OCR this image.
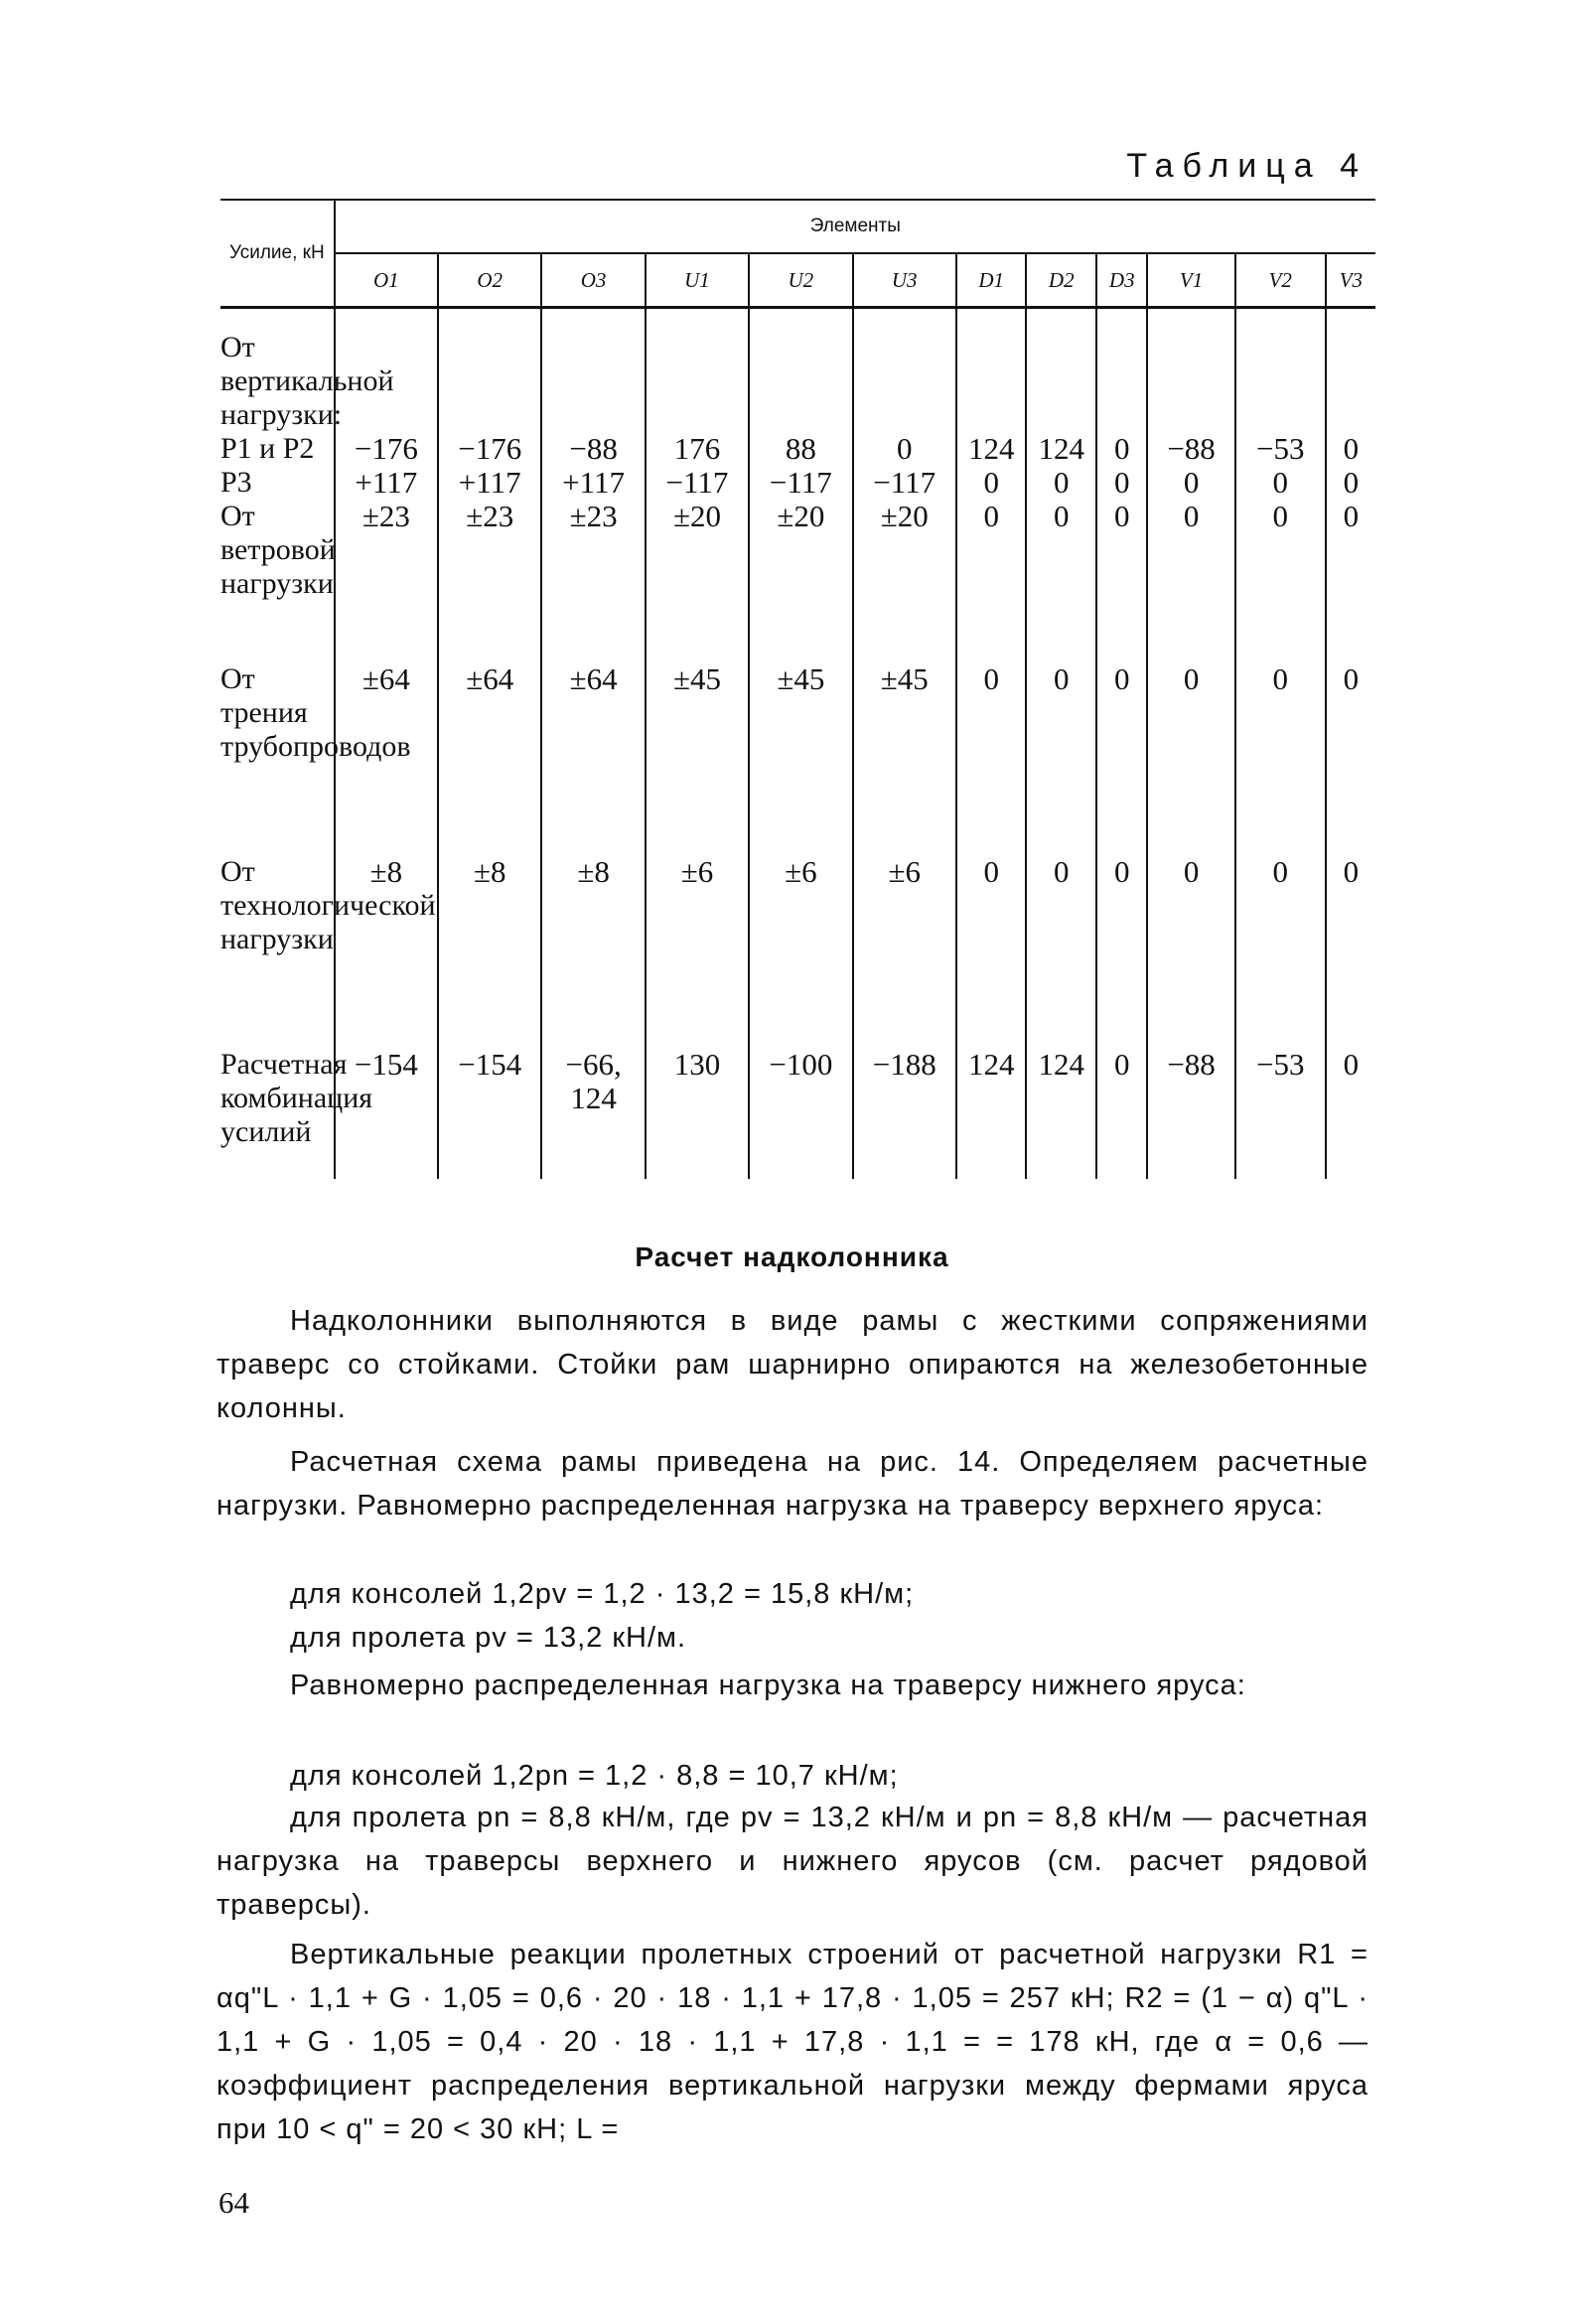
Таблица 4
Усилие, кН	Элементы											
	O1	O2	O3	U1	U2	U3	D1	D2	D3	V1	V2	V3
От вертикальной нагрузки:												
P1 и P2	−176	−176	−88	176	88	0	124	124	0	−88	−53	0
P3	+117	+117	+117	−117	−117	−117	0	0	0	0	0	0
От ветровой нагрузки	±23	±23	±23	±20	±20	±20	0	0	0	0	0	0
От трения трубопроводов	±64	±64	±64	±45	±45	±45	0	0	0	0	0	0
От технологической нагрузки	±8	±8	±8	±6	±6	±6	0	0	0	0	0	0
Расчетная комбинация усилий	−154	−154	−66, 124	130	−100	−188	124	124	0	−88	−53	0
Расчет надколонника
Надколонники выполняются в виде рамы с жесткими сопряжениями траверс со стойками. Стойки рам шарнирно опираются на железобетонные колонны.
Расчетная схема рамы приведена на рис. 14. Определяем расчетные нагрузки. Равномерно распределенная нагрузка на траверсу верхнего яруса:
для консолей 1,2pv = 1,2 · 13,2 = 15,8 кН/м;
для пролета pv = 13,2 кН/м.
Равномерно распределенная нагрузка на траверсу нижнего яруса:
для консолей 1,2pn = 1,2 · 8,8 = 10,7 кН/м;
для пролета pn = 8,8 кН/м, где pv = 13,2 кН/м и pn = 8,8 кН/м — расчетная нагрузка на траверсы верхнего и нижнего ярусов (см. расчет рядовой траверсы).
Вертикальные реакции пролетных строений от расчетной нагрузки R1 = αq"L · 1,1 + G · 1,05 = 0,6 · 20 · 18 · 1,1 + 17,8 · 1,05 = 257 кН; R2 = (1 − α) q"L · 1,1 + G · 1,05 = 0,4 · 20 · 18 · 1,1 + 17,8 · 1,1 = = 178 кН, где α = 0,6 — коэффициент распределения вертикальной нагрузки между фермами яруса при 10 < q" = 20 < 30 кН; L =
64
